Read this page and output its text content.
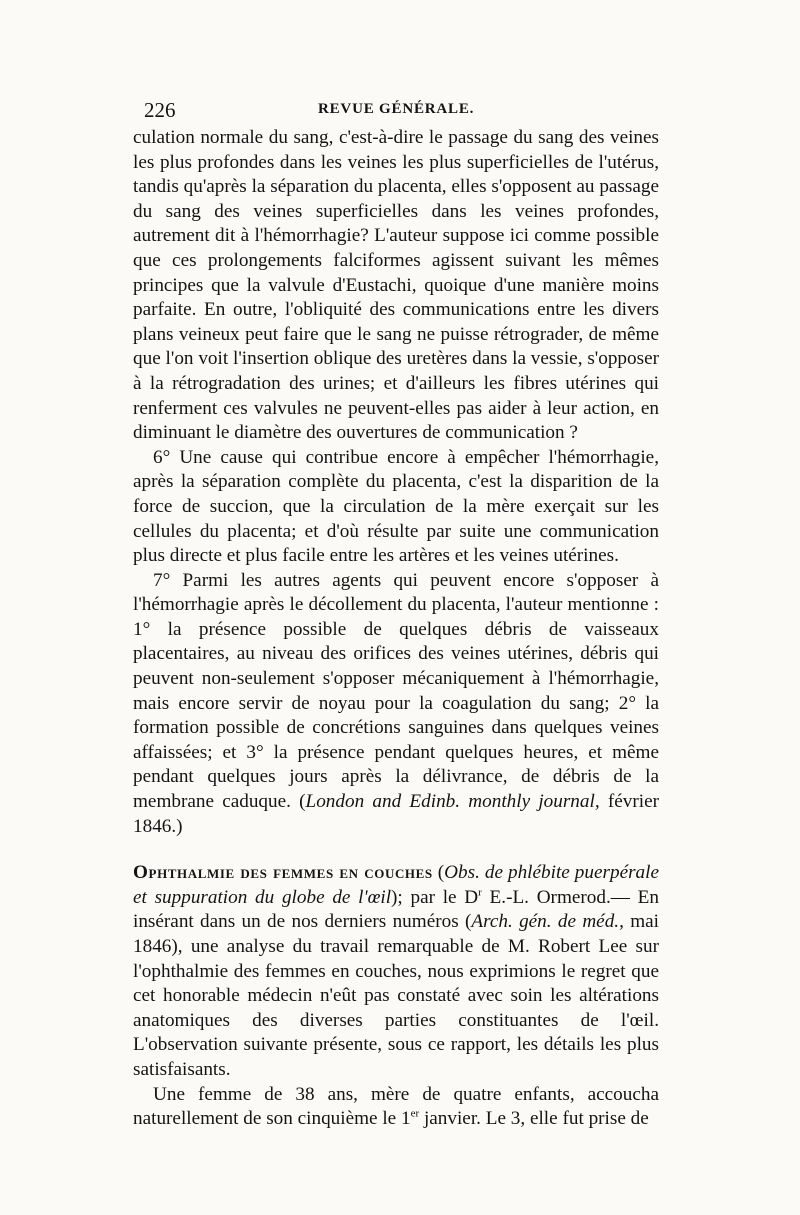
226	REVUE GÉNÉRALE.

culation normale du sang, c'est-à-dire le passage du sang des veines les plus profondes dans les veines les plus superficielles de l'utérus, tandis qu'après la séparation du placenta, elles s'opposent au passage du sang des veines superficielles dans les veines profondes, autrement dit à l'hémorrhagie? L'auteur suppose ici comme possible que ces prolongements falciformes agissent suivant les mêmes principes que la valvule d'Eustachi, quoique d'une manière moins parfaite. En outre, l'obliquité des communications entre les divers plans veineux peut faire que le sang ne puisse rétrograder, de même que l'on voit l'insertion oblique des uretères dans la vessie, s'opposer à la rétrogradation des urines; et d'ailleurs les fibres utérines qui renferment ces valvules ne peuvent-elles pas aider à leur action, en diminuant le diamètre des ouvertures de communication ?

6° Une cause qui contribue encore à empêcher l'hémorrhagie, après la séparation complète du placenta, c'est la disparition de la force de succion, que la circulation de la mère exerçait sur les cellules du placenta; et d'où résulte par suite une communication plus directe et plus facile entre les artères et les veines utérines.

7° Parmi les autres agents qui peuvent encore s'opposer à l'hémorrhagie après le décollement du placenta, l'auteur mentionne : 1° la présence possible de quelques débris de vaisseaux placentaires, au niveau des orifices des veines utérines, débris qui peuvent non-seulement s'opposer mécaniquement à l'hémorrhagie, mais encore servir de noyau pour la coagulation du sang; 2° la formation possible de concrétions sanguines dans quelques veines affaissées; et 3° la présence pendant quelques heures, et même pendant quelques jours après la délivrance, de débris de la membrane caduque. (London and Edinb. monthly journal, février 1846.)

Ophthalmie des femmes en couches (Obs. de phlébite puerpérale et suppuration du globe de l'œil); par le $D^r$ E.-L. Ormerod.— En insérant dans un de nos derniers numéros (Arch. gén. de méd., mai 1846), une analyse du travail remarquable de M. Robert Lee sur l'ophthalmie des femmes en couches, nous exprimions le regret que cet honorable médecin n'eût pas constaté avec soin les altérations anatomiques des diverses parties constituantes de l'œil. L'observation suivante présente, sous ce rapport, les détails les plus satisfaisants.

Une femme de 38 ans, mère de quatre enfants, accoucha naturellement de son cinquième le 1er janvier. Le 3, elle fut prise de
